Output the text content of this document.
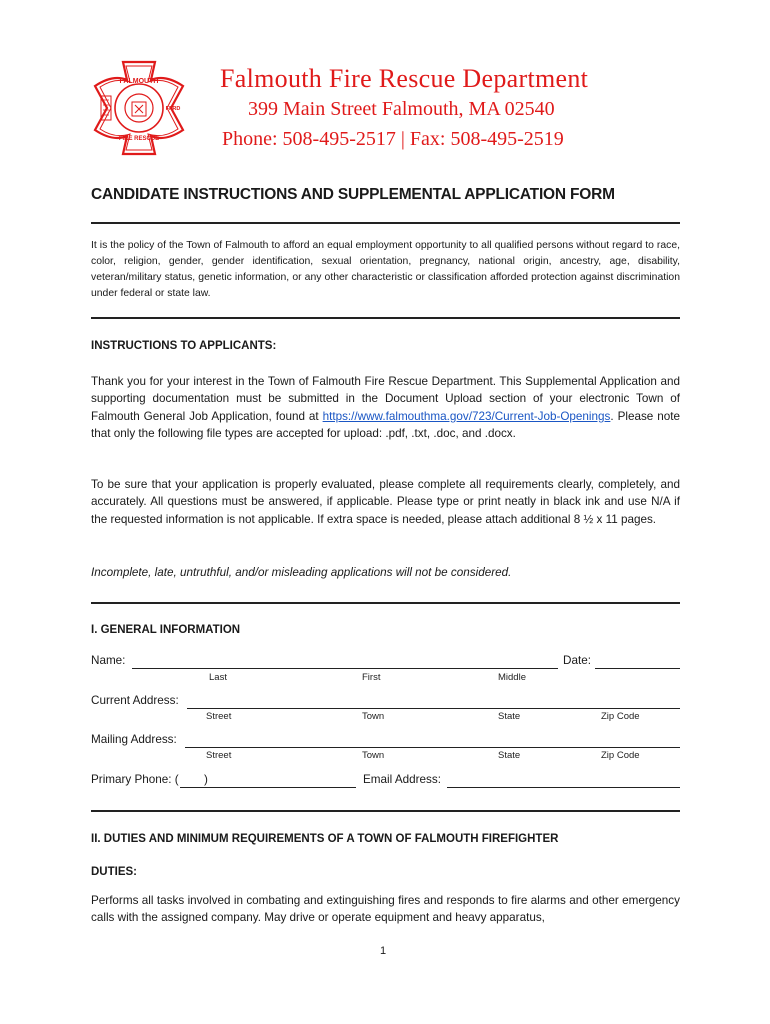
FALMOUTH
FIRE RESCUE
FFRD
Falmouth Fire Rescue Department
399 Main Street Falmouth, MA 02540
Phone: 508-495-2517 | Fax: 508-495-2519
CANDIDATE INSTRUCTIONS AND SUPPLEMENTAL APPLICATION FORM
It is the policy of the Town of Falmouth to afford an equal employment opportunity to all qualified persons without regard to race, color, religion, gender, gender identification, sexual orientation, pregnancy, national origin, ancestry, age, disability, veteran/military status, genetic information, or any other characteristic or classification afforded protection against discrimination under federal or state law.
INSTRUCTIONS TO APPLICANTS:
Thank you for your interest in the Town of Falmouth Fire Rescue Department. This Supplemental Application and supporting documentation must be submitted in the Document Upload section of your electronic Town of Falmouth General Job Application, found at https://www.falmouthma.gov/723/Current-Job-Openings. Please note that only the following file types are accepted for upload: .pdf, .txt, .doc, and .docx.
To be sure that your application is properly evaluated, please complete all requirements clearly, completely, and accurately. All questions must be answered, if applicable. Please type or print neatly in black ink and use N/A if the requested information is not applicable. If extra space is needed, please attach additional 8 ½ x 11 pages.
Incomplete, late, untruthful, and/or misleading applications will not be considered.
I. GENERAL INFORMATION
Name:	Date:
Last	First	Middle
Current Address:
Street	Town	State	Zip Code
Mailing Address:
Street	Town	State	Zip Code
Primary Phone: ( )	Email Address:
II. DUTIES AND MINIMUM REQUIREMENTS OF A TOWN OF FALMOUTH FIREFIGHTER
DUTIES:
Performs all tasks involved in combating and extinguishing fires and responds to fire alarms and other emergency calls with the assigned company. May drive or operate equipment and heavy apparatus,
1
